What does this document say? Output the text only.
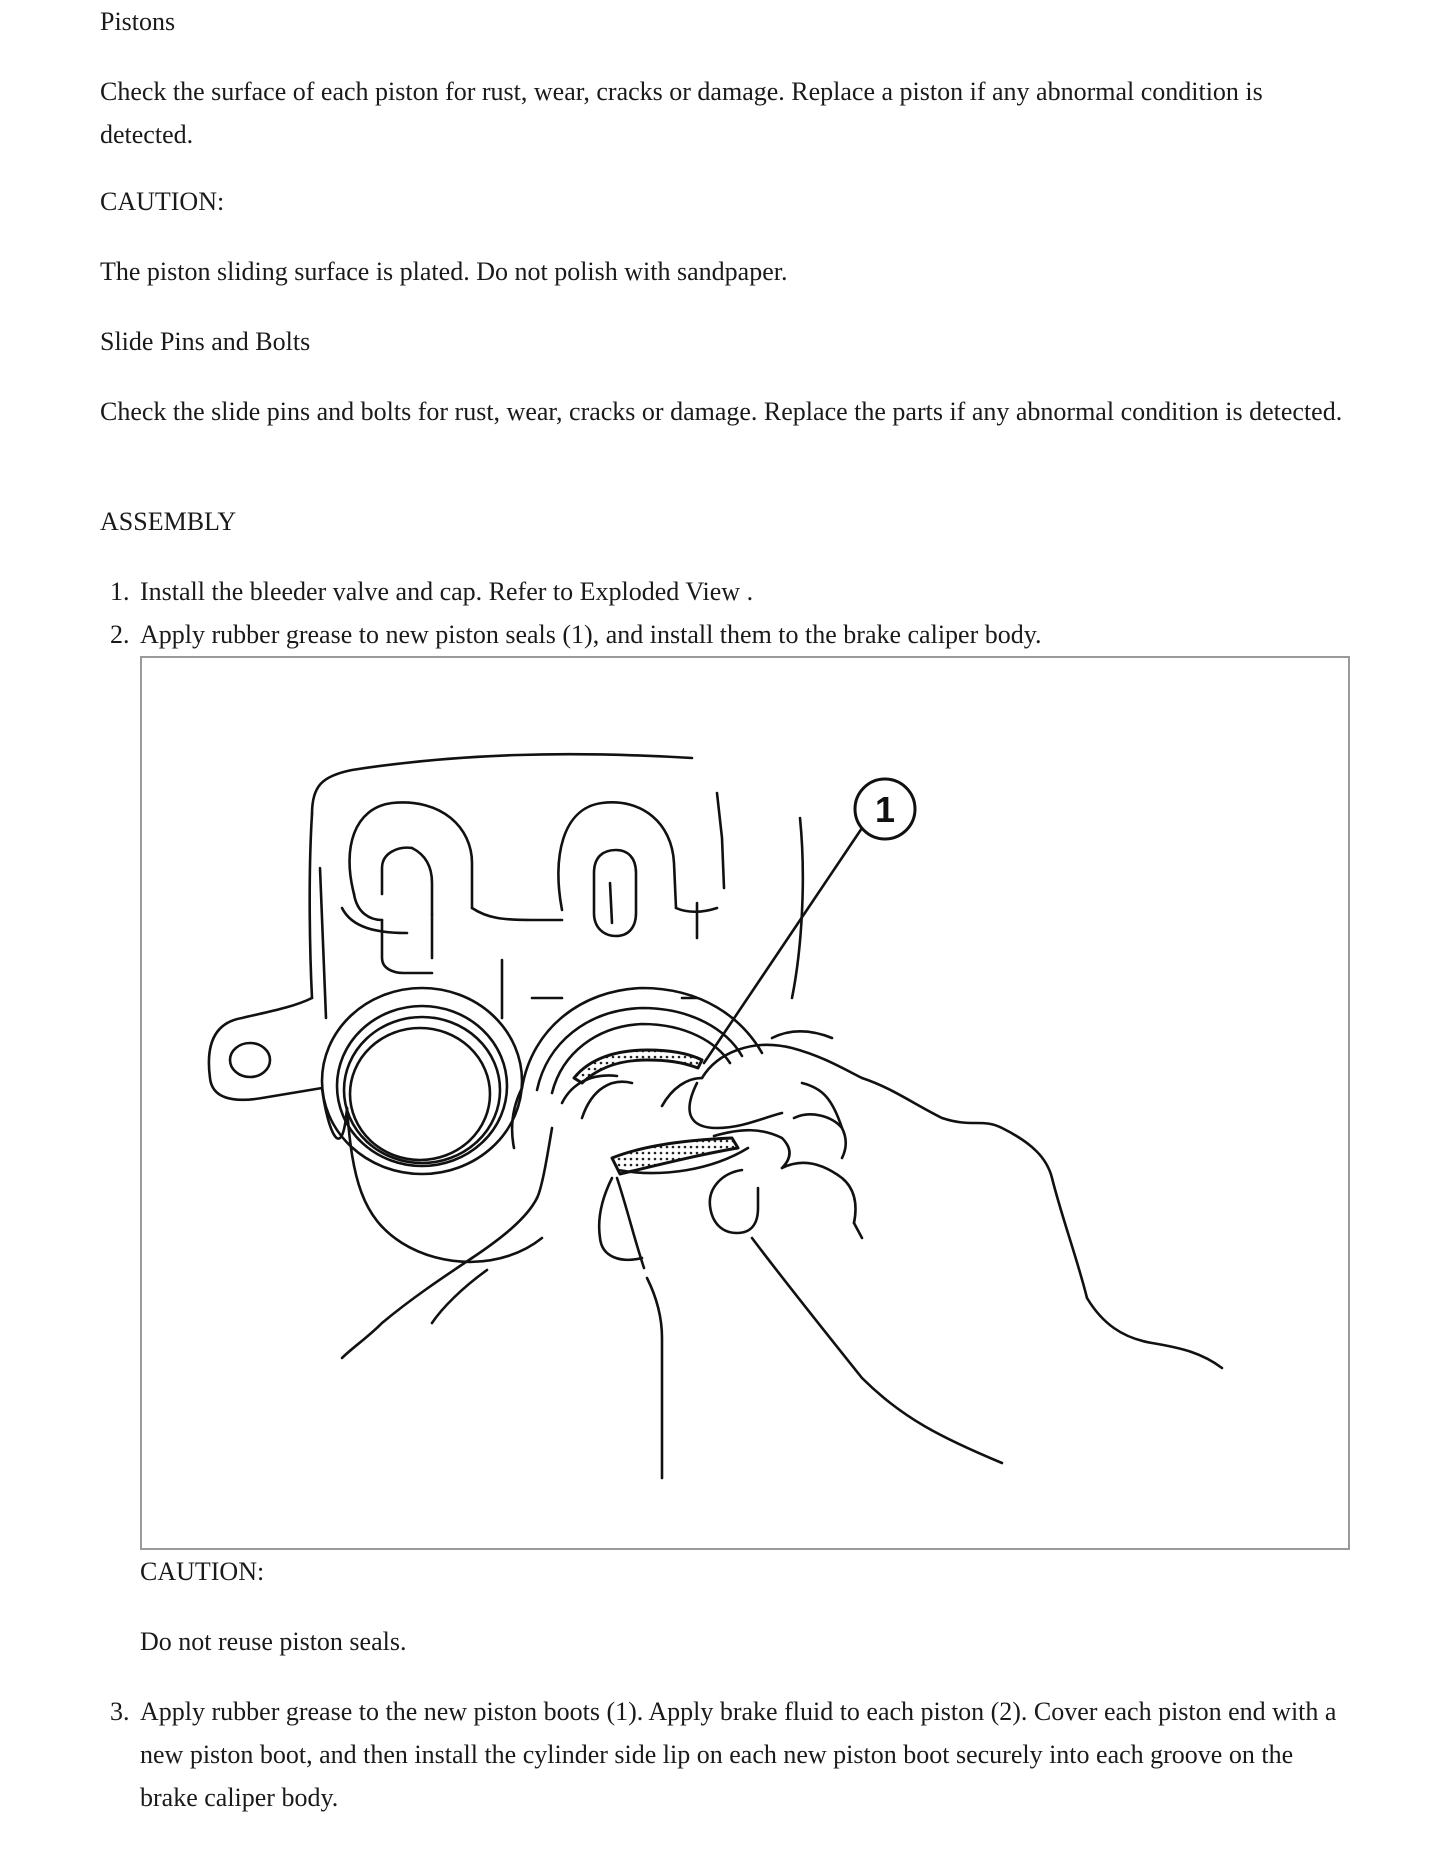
Pistons

Check the surface of each piston for rust, wear, cracks or damage. Replace a piston if any abnormal condition is detected.

CAUTION:

The piston sliding surface is plated. Do not polish with sandpaper.

Slide Pins and Bolts

Check the slide pins and bolts for rust, wear, cracks or damage. Replace the parts if any abnormal condition is detected.

ASSEMBLY

1. Install the bleeder valve and cap. Refer to Exploded View .
2. Apply rubber grease to new piston seals (1), and install them to the brake caliper body.
1

CAUTION:

Do not reuse piston seals.

3. Apply rubber grease to the new piston boots (1). Apply brake fluid to each piston (2). Cover each piston end with a new piston boot, and then install the cylinder side lip on each new piston boot securely into each groove on the brake caliper body.
